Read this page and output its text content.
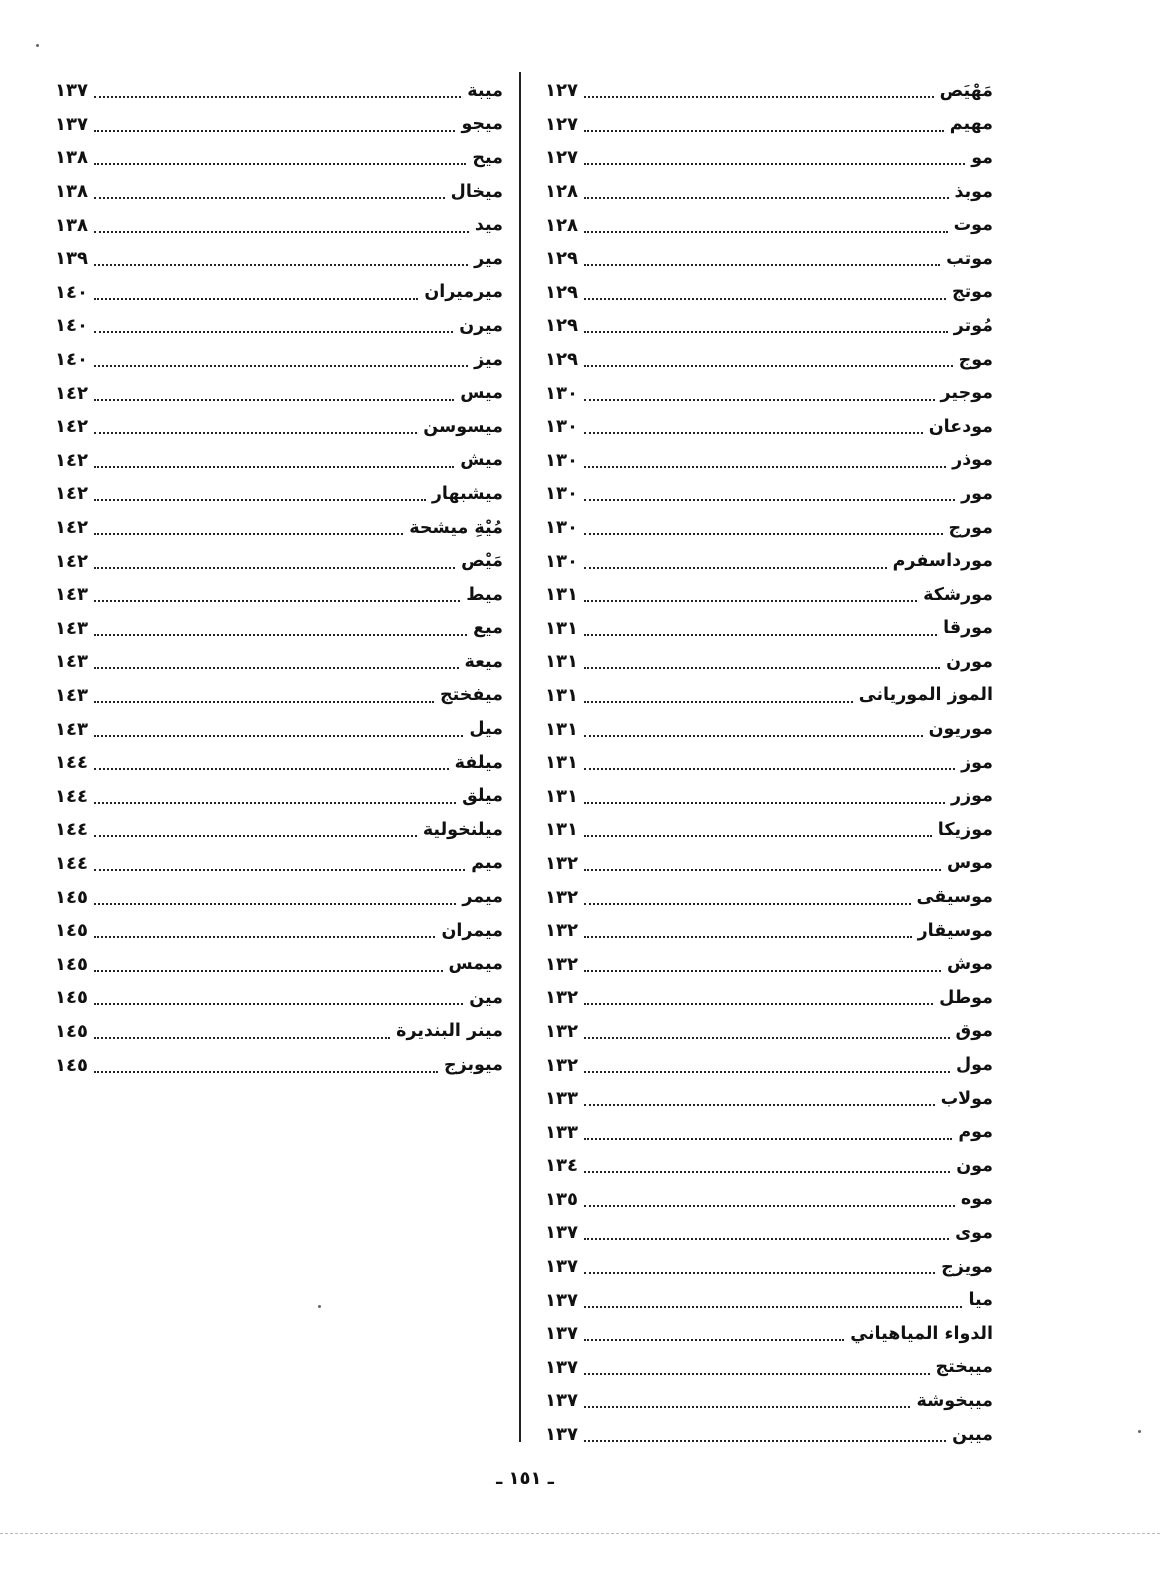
مَهْيَص
١٢٧
مهيم
١٢٧
مو
١٢٧
موبذ
١٢٨
موت
١٢٨
موتب
١٢٩
موتج
١٢٩
مُوتر
١٢٩
موج
١٢٩
موجير
١٣٠
مودعان
١٣٠
موذر
١٣٠
مور
١٣٠
مورج
١٣٠
مورداسفرم
١٣٠
مورشكة
١٣١
مورقا
١٣١
مورن
١٣١
الموز الموريانى
١٣١
موريون
١٣١
موز
١٣١
موزر
١٣١
موزيكا
١٣١
موس
١٣٢
موسيقى
١٣٢
موسيقار
١٣٢
موش
١٣٢
موطل
١٣٢
موق
١٣٢
مول
١٣٢
مولاب
١٣٣
موم
١٣٣
مون
١٣٤
موه
١٣٥
موى
١٣٧
مويزج
١٣٧
ميا
١٣٧
الدواء المياهياني
١٣٧
ميبختج
١٣٧
ميبخوشة
١٣٧
ميبن
١٣٧
ميبة
١٣٧
ميجو
١٣٧
ميح
١٣٨
ميخال
١٣٨
ميد
١٣٨
مير
١٣٩
ميرميران
١٤٠
ميرن
١٤٠
ميز
١٤٠
ميس
١٤٢
ميسوسن
١٤٢
ميش
١٤٢
ميشبهار
١٤٢
مُيْةِ ميشحة
١٤٢
مَيْص
١٤٢
ميط
١٤٣
ميع
١٤٣
ميعة
١٤٣
ميفختج
١٤٣
ميل
١٤٣
ميلفة
١٤٤
ميلق
١٤٤
ميلنخولية
١٤٤
ميم
١٤٤
ميمر
١٤٥
ميمران
١٤٥
ميمس
١٤٥
مين
١٤٥
مينر البنديرة
١٤٥
ميوبزج
١٤٥
ـ ١٥١ ـ
